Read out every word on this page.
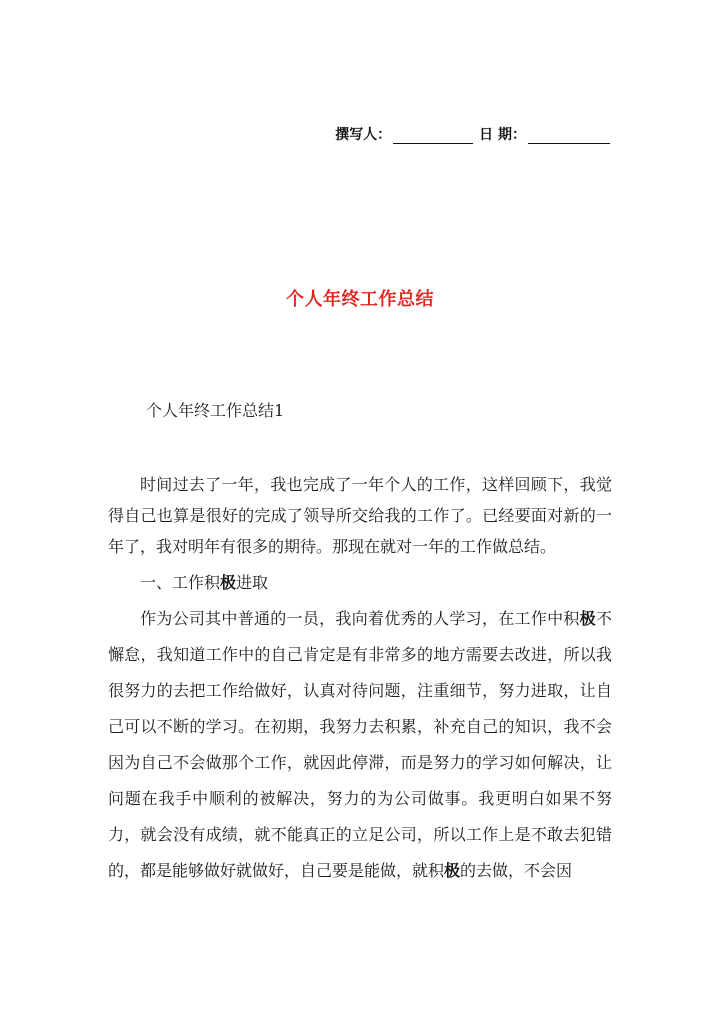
撰写人：	日 期：
个人年终工作总结
个人年终工作总结1

时间过去了一年，我也完成了一年个人的工作，这样回顾下，我觉得自己也算是很好的完成了领导所交给我的工作了。已经要面对新的一年了，我对明年有很多的期待。那现在就对一年的工作做总结。

一、工作积极进取

作为公司其中普通的一员，我向着优秀的人学习，在工作中积极不懈怠，我知道工作中的自己肯定是有非常多的地方需要去改进，所以我很努力的去把工作给做好，认真对待问题，注重细节，努力进取，让自己可以不断的学习。在初期，我努力去积累，补充自己的知识，我不会因为自己不会做那个工作，就因此停滞，而是努力的学习如何解决，让问题在我手中顺利的被解决，努力的为公司做事。我更明白如果不努力，就会没有成绩，就不能真正的立足公司，所以工作上是不敢去犯错的，都是能够做好就做好，自己要是能做，就积极的去做，不会因
